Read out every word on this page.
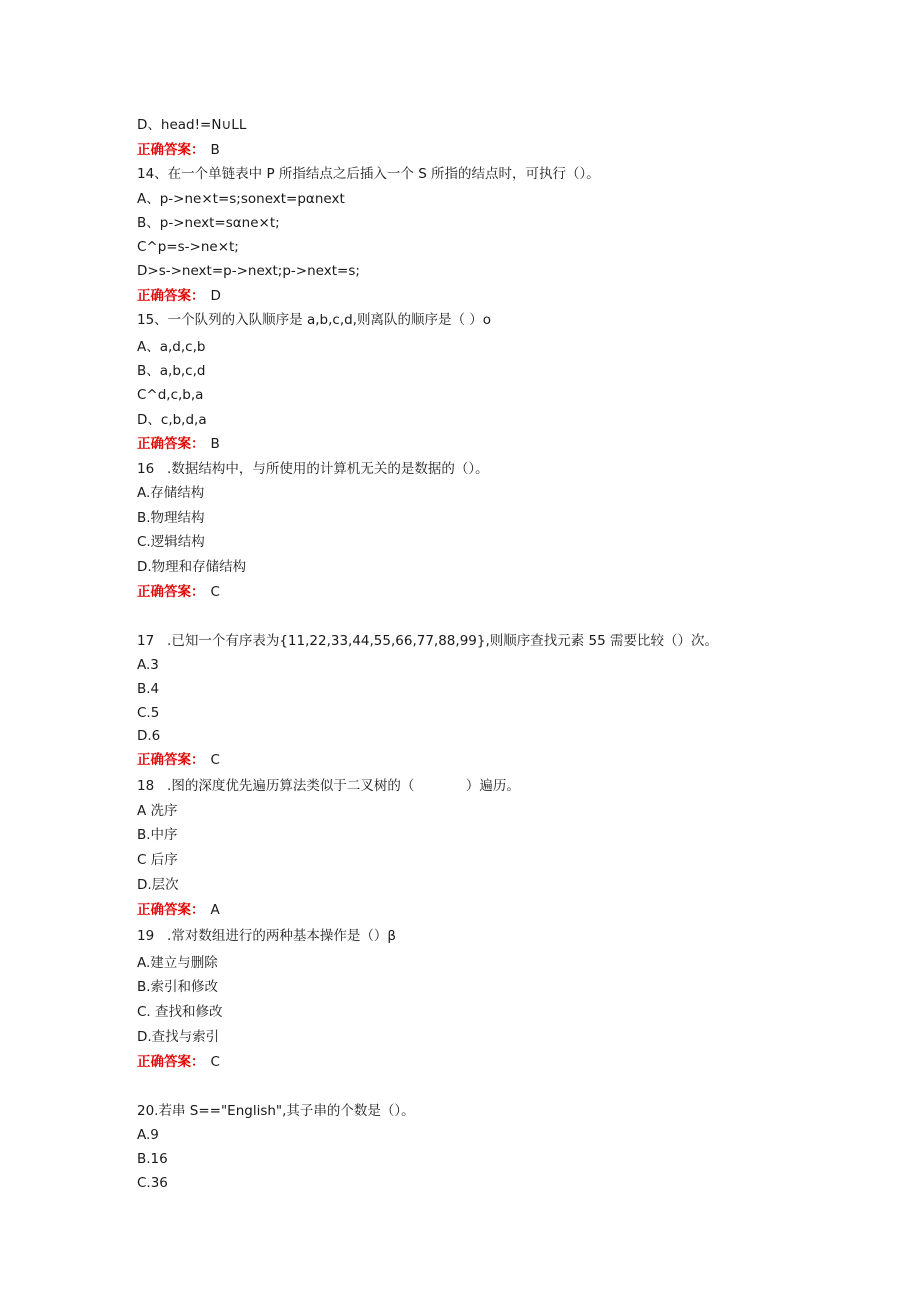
D、head!=N∪LL
正确答案： B
14、在一个单链表中 P 所指结点之后插入一个 S 所指的结点时，可执行（）。
A、p->ne×t=s;sonext=pαnext
B、p->next=sαne×t;
C^p=s->ne×t;
D>s->next=p->next;p->next=s;
正确答案： D
15、一个队列的入队顺序是 a,b,c,d,则离队的顺序是（ ）o
A、a,d,c,b
B、a,b,c,d
C^d,c,b,a
D、c,b,d,a
正确答案： B
16   .数据结构中，与所使用的计算机无关的是数据的（）。
A.存储结构
B.物理结构
C.逻辑结构
D.物理和存储结构
正确答案： C
17   .已知一个有序表为{11,22,33,44,55,66,77,88,99},则顺序查找元素 55 需要比较（）次。
A.3
B.4
C.5
D.6
正确答案： C
18   .图的深度优先遍历算法类似于二叉树的（            ）遍历。
A 冼序
B.中序
C 后序
D.层次
正确答案： A
19   .常对数组进行的两种基本操作是（）β
A.建立与删除
B.索引和修改
C. 查找和修改
D.查找与索引
正确答案： C
20.若串 S=="English",其子串的个数是（）。
A.9
B.16
C.36
